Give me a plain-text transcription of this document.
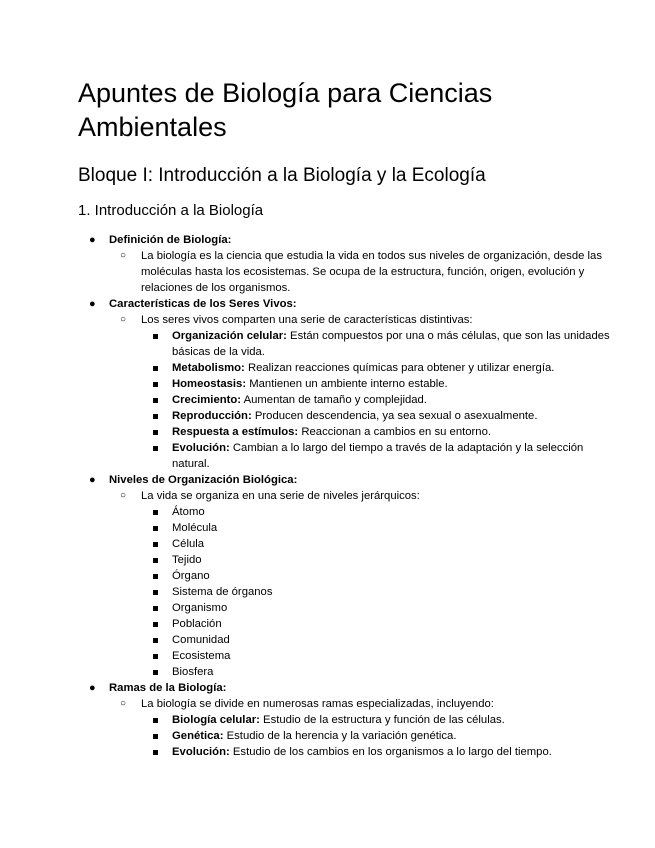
Apuntes de Biología para Ciencias Ambientales
Bloque I: Introducción a la Biología y la Ecología
1. Introducción a la Biología
● Definición de Biología:
○ La biología es la ciencia que estudia la vida en todos sus niveles de organización, desde las moléculas hasta los ecosistemas. Se ocupa de la estructura, función, origen, evolución y relaciones de los organismos.
● Características de los Seres Vivos:
○ Los seres vivos comparten una serie de características distintivas:
Organización celular: Están compuestos por una o más células, que son las unidades básicas de la vida.
Metabolismo: Realizan reacciones químicas para obtener y utilizar energía.
Homeostasis: Mantienen un ambiente interno estable.
Crecimiento: Aumentan de tamaño y complejidad.
Reproducción: Producen descendencia, ya sea sexual o asexualmente.
Respuesta a estímulos: Reaccionan a cambios en su entorno.
Evolución: Cambian a lo largo del tiempo a través de la adaptación y la selección natural.
● Niveles de Organización Biológica:
○ La vida se organiza en una serie de niveles jerárquicos:
Átomo
Molécula
Célula
Tejido
Órgano
Sistema de órganos
Organismo
Población
Comunidad
Ecosistema
Biosfera
● Ramas de la Biología:
○ La biología se divide en numerosas ramas especializadas, incluyendo:
Biología celular: Estudio de la estructura y función de las células.
Genética: Estudio de la herencia y la variación genética.
Evolución: Estudio de los cambios en los organismos a lo largo del tiempo.
